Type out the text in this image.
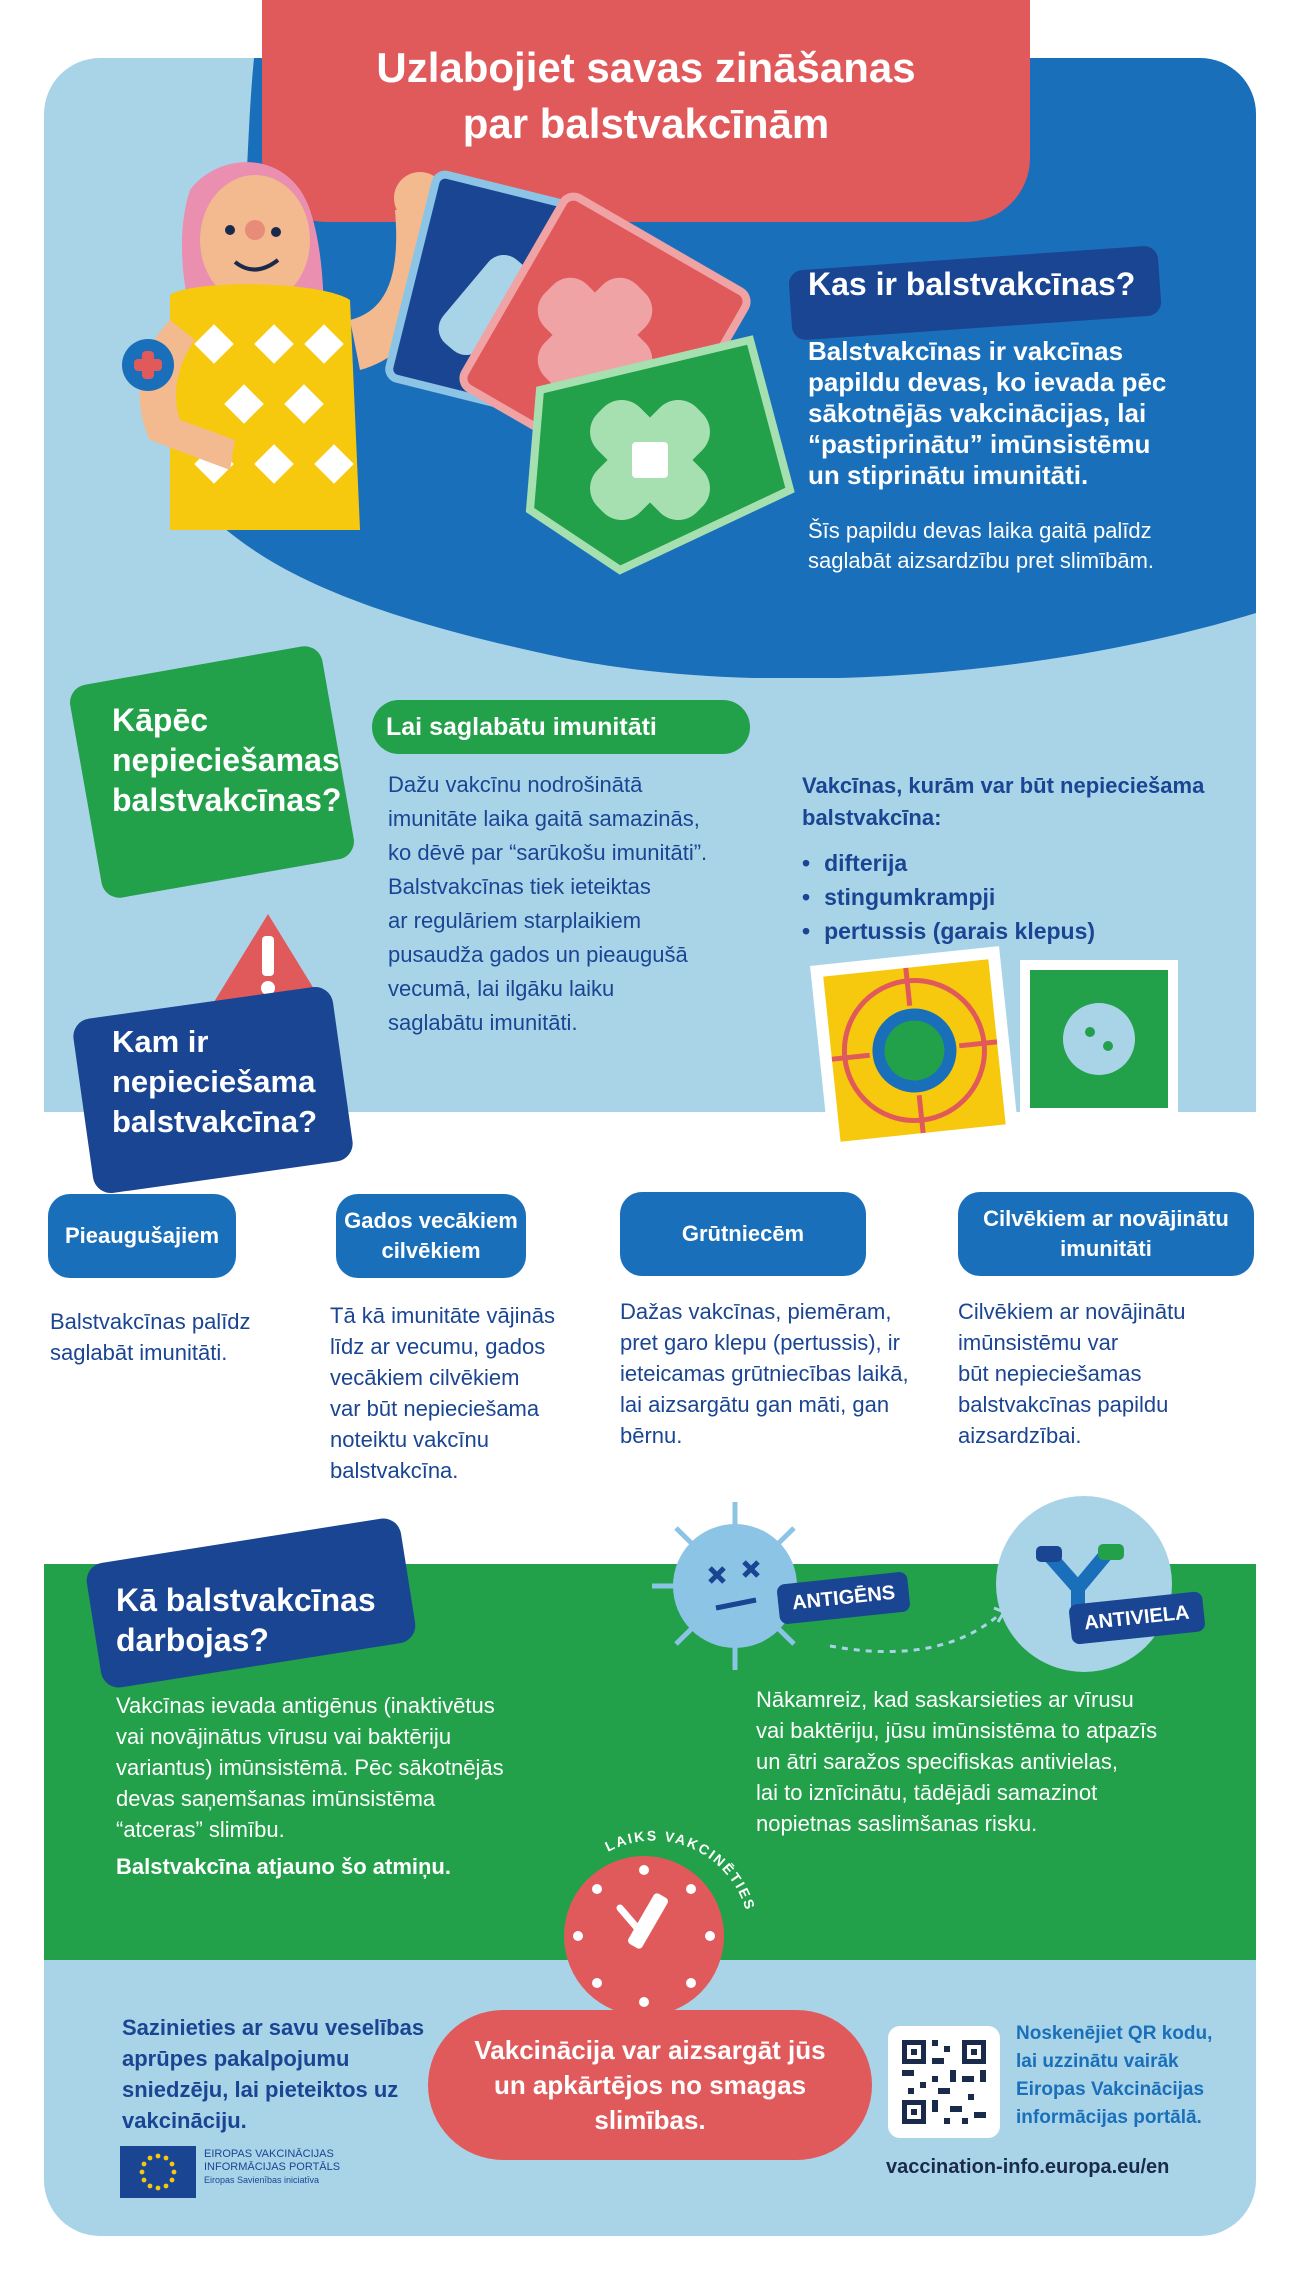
Uzlabojiet savas zināšanas
par balstvakcīnām
Kas ir balstvakcīnas?
Balstvakcīnas ir vakcīnas
papildu devas, ko ievada pēc
sākotnējās vakcinācijas, lai
“pastiprinātu” imūnsistēmu
un stiprinātu imunitāti.
Šīs papildu devas laika gaitā palīdz
saglabāt aizsardzību pret slimībām.
Kāpēc
nepieciešamas
balstvakcīnas?
Lai saglabātu imunitāti
Dažu vakcīnu nodrošinātā
imunitāte laika gaitā samazinās,
ko dēvē par “sarūkošu imunitāti”.
Balstvakcīnas tiek ieteiktas
ar regulāriem starplaikiem
pusaudža gados un pieaugušā
vecumā, lai ilgāku laiku
saglabātu imunitāti.
Vakcīnas, kurām var būt nepieciešama
balstvakcīna:
• difterija
• stingumkrampji
• pertussis (garais klepus)
Kam ir
nepieciešama
balstvakcīna?
Pieaugušajiem
Balstvakcīnas palīdz
saglabāt imunitāti.
Gados vecākiem
cilvēkiem
Tā kā imunitāte vājinās
līdz ar vecumu, gados
vecākiem cilvēkiem
var būt nepieciešama
noteiktu vakcīnu
balstvakcīna.
Grūtniecēm
Dažas vakcīnas, piemēram,
pret garo klepu (pertussis), ir
ieteicamas grūtniecības laikā,
lai aizsargātu gan māti, gan
bērnu.
Cilvēkiem ar novājinātu
imunitāti
Cilvēkiem ar novājinātu
imūnsistēmu var
būt nepieciešamas
balstvakcīnas papildu
aizsardzībai.
Kā balstvakcīnas
darbojas?
Vakcīnas ievada antigēnus (inaktivētus
vai novājinātus vīrusu vai baktēriju
variantus) imūnsistēmā. Pēc sākotnējās
devas saņemšanas imūnsistēma
“atceras” slimību.
Balstvakcīna atjauno šo atmiņu.
ANTIGĒNS
ANTIVIELA
Nākamreiz, kad saskarsieties ar vīrusu
vai baktēriju, jūsu imūnsistēma to atpazīs
un ātri saražos specifiskas antivielas,
lai to iznīcinātu, tādējādi samazinot
nopietnas saslimšanas risku.
LAIKS VAKCINĒTIES
Sazinieties ar savu veselības
aprūpes pakalpojumu
sniedzēju, lai pieteiktos uz
vakcināciju.
Vakcinācija var aizsargāt jūs
un apkārtējos no smagas
slimības.
Noskenējiet QR kodu,
lai uzzinātu vairāk
Eiropas Vakcinācijas
informācijas portālā.
vaccination-info.europa.eu/en
EIROPAS VAKCINĀCIJAS
INFORMĀCIJAS PORTĀLS
Eiropas Savienības iniciatīva
